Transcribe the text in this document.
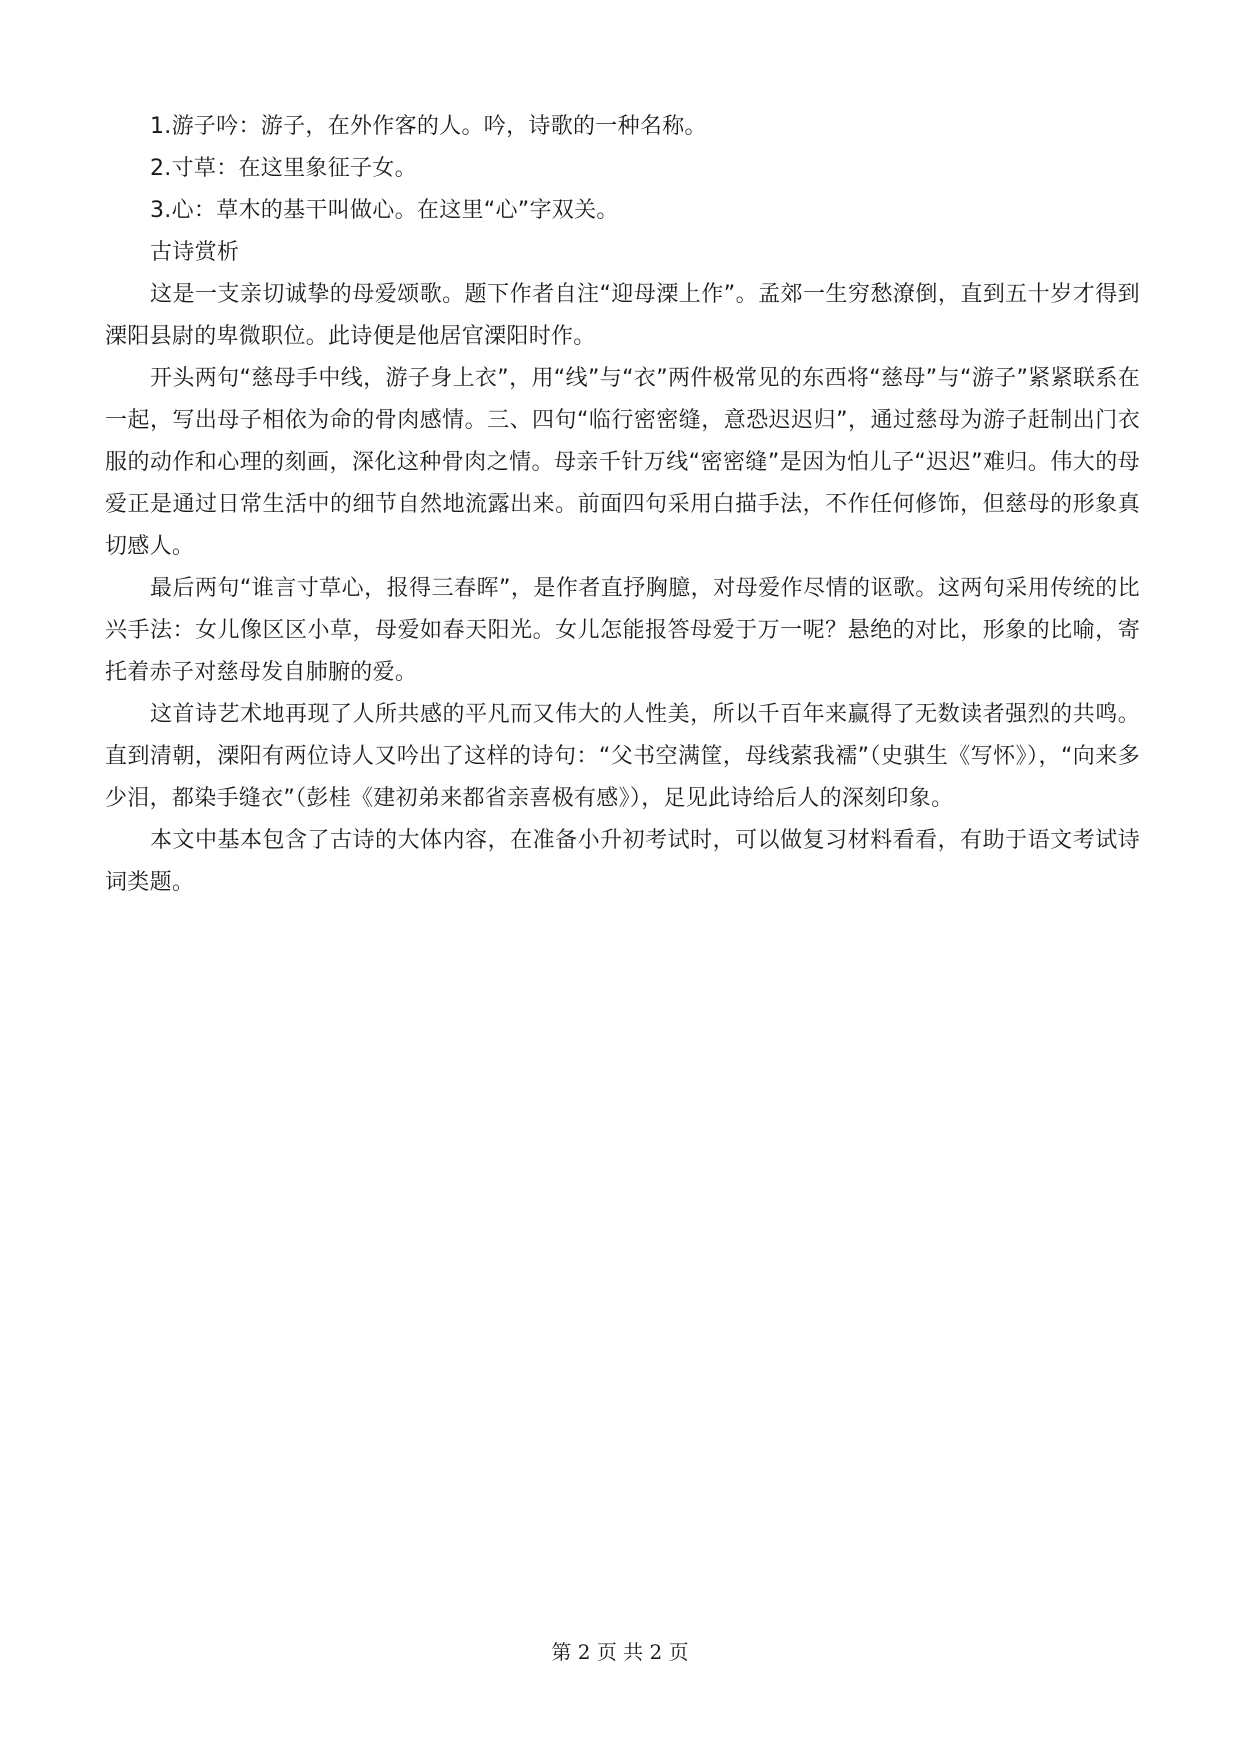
1.游子吟：游子，在外作客的人。吟，诗歌的一种名称。

2.寸草：在这里象征子女。

3.心：草木的基干叫做心。在这里“心”字双关。

古诗赏析

这是一支亲切诚挚的母爱颂歌。题下作者自注“迎母溧上作”。孟郊一生穷愁潦倒，直到五十岁才得到溧阳县尉的卑微职位。此诗便是他居官溧阳时作。

开头两句“慈母手中线，游子身上衣”，用“线”与“衣”两件极常见的东西将“慈母”与“游子”紧紧联系在一起，写出母子相依为命的骨肉感情。三、四句“临行密密缝，意恐迟迟归”，通过慈母为游子赶制出门衣服的动作和心理的刻画，深化这种骨肉之情。母亲千针万线“密密缝”是因为怕儿子“迟迟”难归。伟大的母爱正是通过日常生活中的细节自然地流露出来。前面四句采用白描手法，不作任何修饰，但慈母的形象真切感人。

最后两句“谁言寸草心，报得三春晖”，是作者直抒胸臆，对母爱作尽情的讴歌。这两句采用传统的比兴手法：女儿像区区小草，母爱如春天阳光。女儿怎能报答母爱于万一呢？悬绝的对比，形象的比喻，寄托着赤子对慈母发自肺腑的爱。

这首诗艺术地再现了人所共感的平凡而又伟大的人性美，所以千百年来赢得了无数读者强烈的共鸣。直到清朝，溧阳有两位诗人又吟出了这样的诗句：“父书空满筐，母线萦我襦”（史骐生《写怀》），“向来多少泪，都染手缝衣”（彭桂《建初弟来都省亲喜极有感》），足见此诗给后人的深刻印象。

本文中基本包含了古诗的大体内容，在准备小升初考试时，可以做复习材料看看，有助于语文考试诗词类题。

第 2 页 共 2 页
